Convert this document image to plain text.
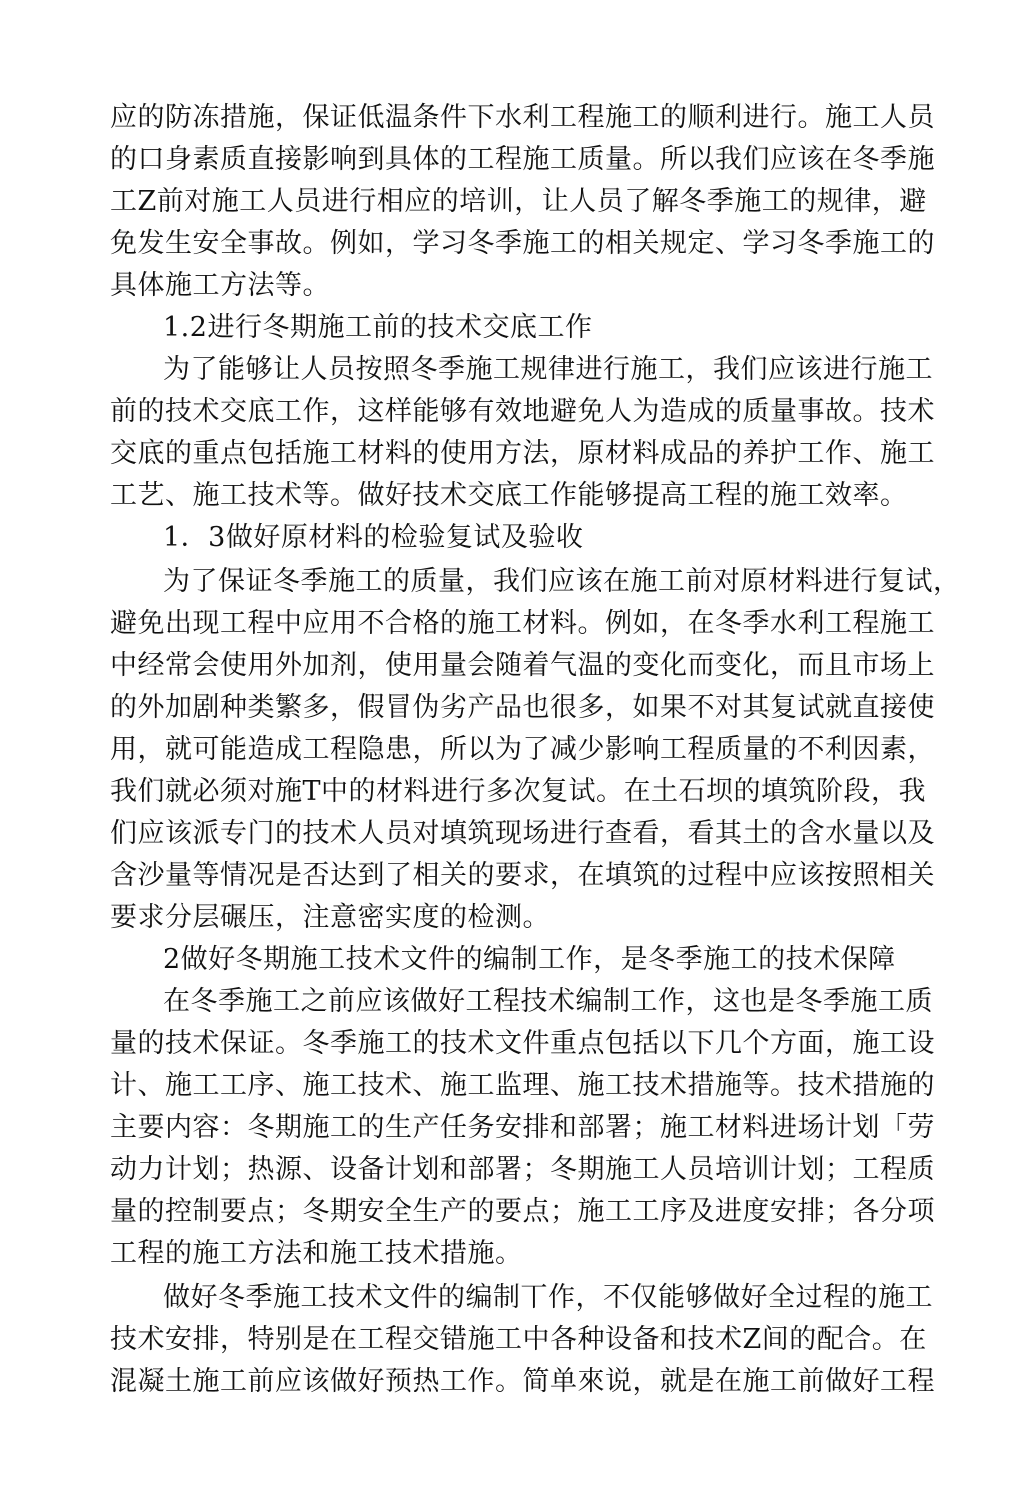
应的防冻措施，保证低温条件下水利工程施工的顺利进行。施工人员
的口身素质直接影响到具体的工程施工质量。所以我们应该在冬季施
工Z前对施工人员进行相应的培训，让人员了解冬季施工的规律，避
免发生安全事故。例如，学习冬季施工的相关规定、学习冬季施工的
具体施工方法等。
1.2进行冬期施工前的技术交底工作
为了能够让人员按照冬季施工规律进行施工，我们应该进行施工
前的技术交底工作，这样能够有效地避免人为造成的质量事故。技术
交底的重点包括施工材料的使用方法，原材料成品的养护工作、施工
工艺、施工技术等。做好技术交底工作能够提高工程的施工效率。
1．3做好原材料的检验复试及验收
为了保证冬季施工的质量，我们应该在施工前对原材料进行复试，
避免出现工程中应用不合格的施工材料。例如，在冬季水利工程施工
中经常会使用外加剂，使用量会随着气温的变化而变化，而且市场上
的外加剧种类繁多，假冒伪劣产品也很多，如果不对其复试就直接使
用，就可能造成工程隐患，所以为了减少影响工程质量的不利因素，
我们就必须对施T中的材料进行多次复试。在土石坝的填筑阶段，我
们应该派专门的技术人员对填筑现场进行查看，看其土的含水量以及
含沙量等情况是否达到了相关的要求，在填筑的过程中应该按照相关
要求分层碾压，注意密实度的检测。
2做好冬期施工技术文件的编制工作，是冬季施工的技术保障
在冬季施工之前应该做好工程技术编制工作，这也是冬季施工质
量的技术保证。冬季施工的技术文件重点包括以下几个方面，施工设
计、施工工序、施工技术、施工监理、施工技术措施等。技术措施的
主要内容：冬期施工的生产任务安排和部署；施工材料进场计划「劳
动力计划；热源、设备计划和部署；冬期施工人员培训计划；工程质
量的控制要点；冬期安全生产的要点；施工工序及进度安排；各分项
工程的施工方法和施工技术措施。
做好冬季施工技术文件的编制丅作，不仅能够做好全过程的施工
技术安排，特别是在工程交错施工中各种设备和技术Z间的配合。在
混凝土施工前应该做好预热工作。简单來说，就是在施工前做好工程
